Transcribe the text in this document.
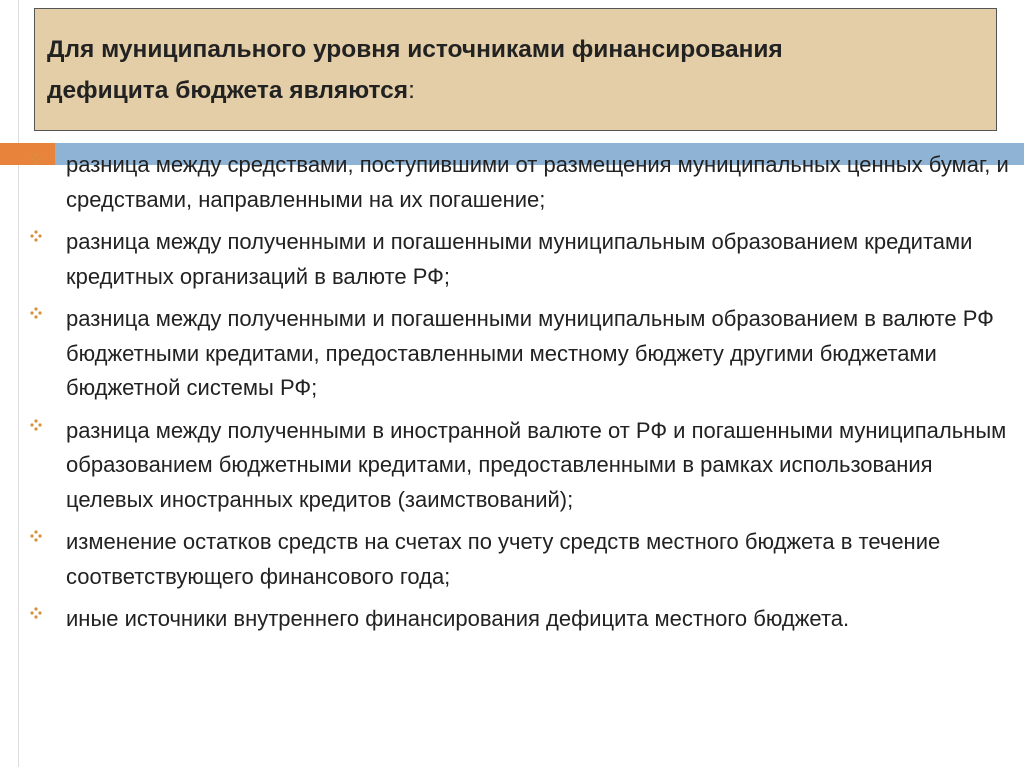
Для муниципального уровня источниками финансирования
дефицита бюджета являются:

разница между средствами, поступившими от размещения муниципальных ценных бумаг, и средствами, направленными на их погашение;
разница между полученными и погашенными муниципальным образованием кредитами кредитных организаций в валюте РФ;
разница между полученными и погашенными муниципальным образованием в валюте РФ бюджетными кредитами, предоставленными местному бюджету другими бюджетами бюджетной системы РФ;
разница между полученными в иностранной валюте от РФ и погашенными муниципальным образованием бюджетными кредитами, предоставленными в рамках использования целевых иностранных кредитов (заимствований);
изменение остатков средств на счетах по учету средств местного бюджета в течение соответствующего финансового года;
иные источники внутреннего финансирования дефицита местного бюджета.
